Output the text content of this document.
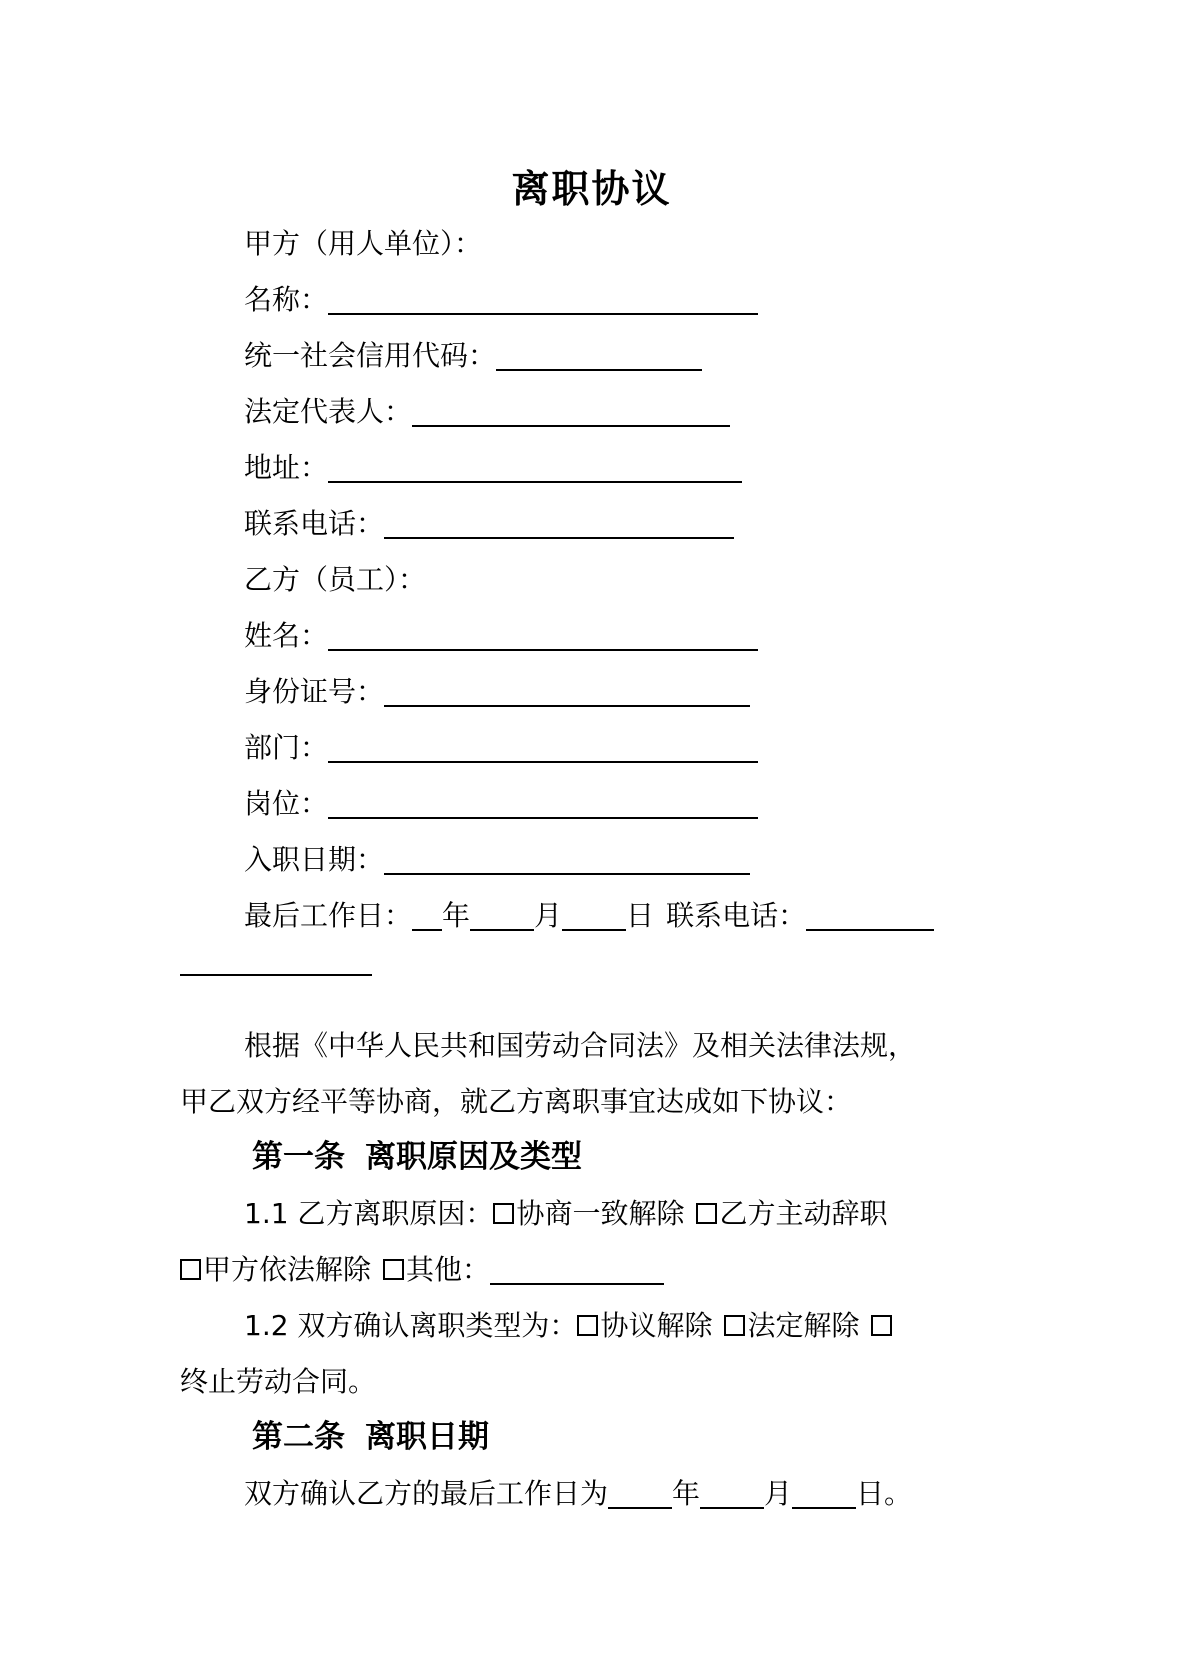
离职协议
甲方（用人单位）：
名称：
统一社会信用代码：
法定代表人：
地址：
联系电话：
乙方（员工）：
姓名：
身份证号：
部门：
岗位：
入职日期：
最后工作日： 年 月 日 联系电话：
根据《中华人民共和国劳动合同法》及相关法律法规，
甲乙双方经平等协商，就乙方离职事宜达成如下协议：
第一条 离职原因及类型
1.1 乙方离职原因： 协商一致解除 乙方主动辞职
甲方依法解除 其他：
1.2 双方确认离职类型为： 协议解除 法定解除
终止劳动合同。
第二条 离职日期
双方确认乙方的最后工作日为 年 月 日。
